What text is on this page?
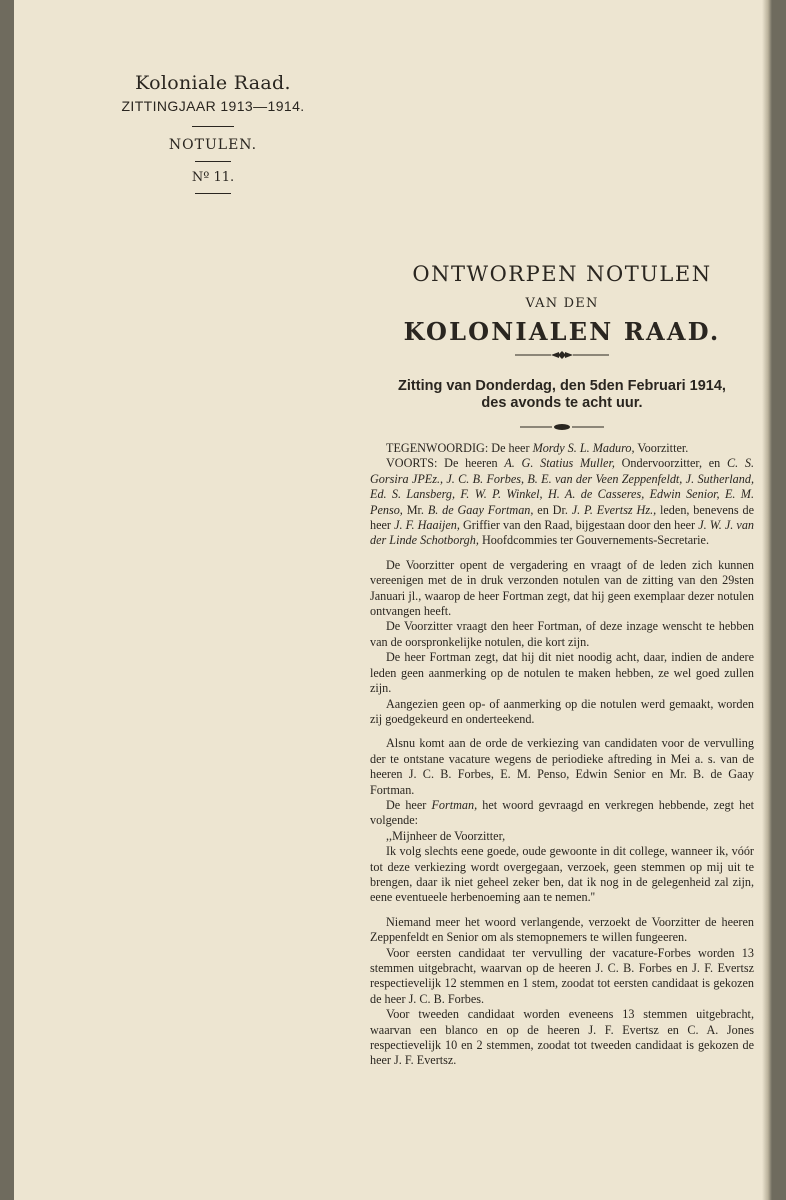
Koloniale Raad.
ZITTINGJAAR 1913—1914.
NOTULEN.
Nº 11.
ONTWORPEN NOTULEN
VAN DEN
KOLONIALEN RAAD.
Zitting van Donderdag, den 5den Februari 1914,
des avonds te acht uur.

TEGENWOORDIG: De heer Mordy S. L. Maduro, Voorzitter.

VOORTS: De heeren A. G. Statius Muller, Ondervoorzitter, en C. S. Gorsira JPEz., J. C. B. Forbes, B. E. van der Veen Zeppenfeldt, J. Sutherland, Ed. S. Lansberg, F. W. P. Winkel, H. A. de Casseres, Edwin Senior, E. M. Penso, Mr. B. de Gaay Fortman, en Dr. J. P. Evertsz Hz., leden, benevens de heer J. F. Haaijen, Griffier van den Raad, bijgestaan door den heer J. W. J. van der Linde Schotborgh, Hoofdcommies ter Gouvernements-Secretarie.

De Voorzitter opent de vergadering en vraagt of de leden zich kunnen vereenigen met de in druk verzonden notulen van de zitting van den 29sten Januari jl., waarop de heer Fortman zegt, dat hij geen exemplaar dezer notulen ontvangen heeft.

De Voorzitter vraagt den heer Fortman, of deze inzage wenscht te hebben van de oorspronkelijke notulen, die kort zijn.

De heer Fortman zegt, dat hij dit niet noodig acht, daar, indien de andere leden geen aanmerking op de notulen te maken hebben, ze wel goed zullen zijn.

Aangezien geen op- of aanmerking op die notulen werd gemaakt, worden zij goedgekeurd en onderteekend.

Alsnu komt aan de orde de verkiezing van candidaten voor de vervulling der te ontstane vacature wegens de periodieke aftreding in Mei a. s. van de heeren J. C. B. Forbes, E. M. Penso, Edwin Senior en Mr. B. de Gaay Fortman.

De heer Fortman, het woord gevraagd en verkregen hebbende, zegt het volgende:

,,Mijnheer de Voorzitter,

Ik volg slechts eene goede, oude gewoonte in dit college, wanneer ik, vóór tot deze verkiezing wordt overgegaan, verzoek, geen stemmen op mij uit te brengen, daar ik niet geheel zeker ben, dat ik nog in de gelegenheid zal zijn, eene eventueele herbenoeming aan te nemen.''

Niemand meer het woord verlangende, verzoekt de Voorzitter de heeren Zeppenfeldt en Senior om als stemopnemers te willen fungeeren.

Voor eersten candidaat ter vervulling der vacature-Forbes worden 13 stemmen uitgebracht, waarvan op de heeren J. C. B. Forbes en J. F. Evertsz respectievelijk 12 stemmen en 1 stem, zoodat tot eersten candidaat is gekozen de heer J. C. B. Forbes.

Voor tweeden candidaat worden eveneens 13 stemmen uitgebracht, waarvan een blanco en op de heeren J. F. Evertsz en C. A. Jones respectievelijk 10 en 2 stemmen, zoodat tot tweeden candidaat is gekozen de heer J. F. Evertsz.
